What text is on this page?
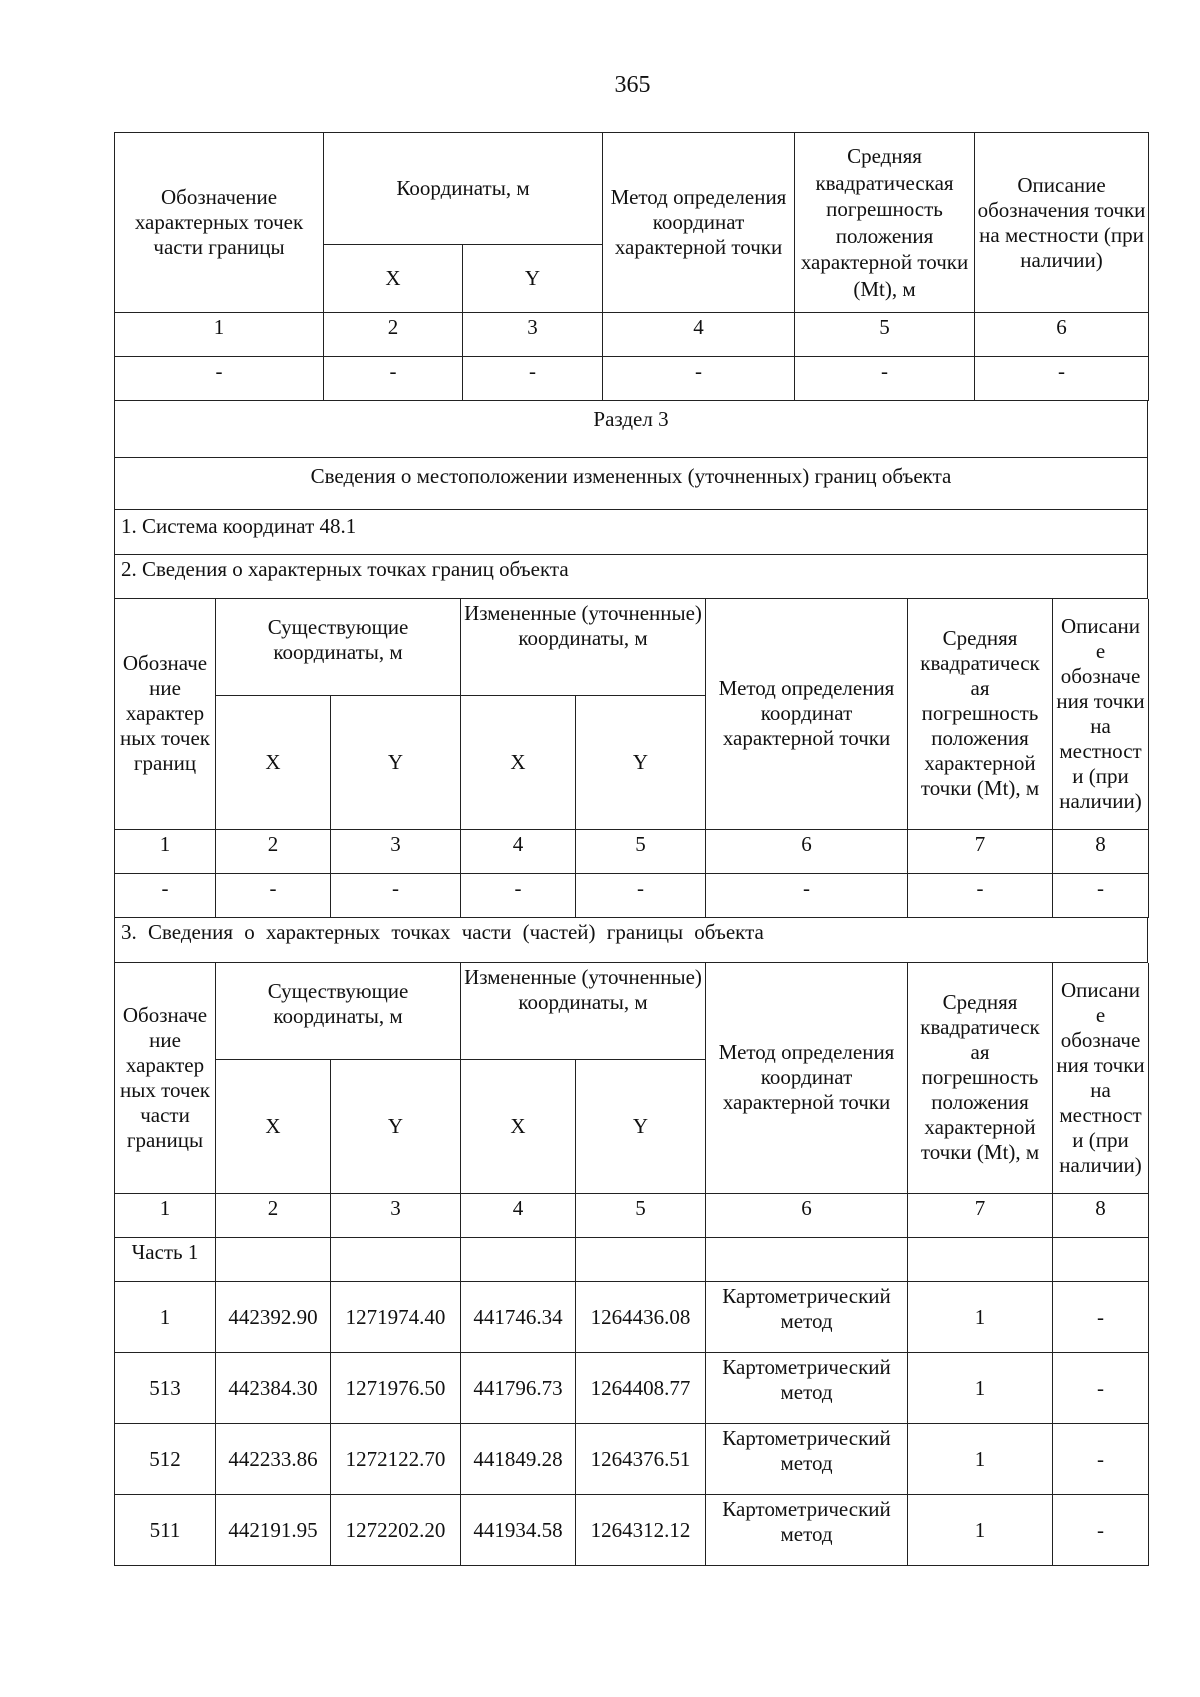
365
Обозначение характерных точек части границы	Координаты, м		Метод определения координат характерной точки	Средняя квадратическая погрешность положения характерной точки (Mt), м	Описание обозначения точки на местности (при наличии)
	X	Y			
1	2	3	4	5	6
-	-	-	-	-	-
Раздел 3
Сведения о местоположении измененных (уточненных) границ объекта
1. Система координат 48.1
2. Сведения о характерных точках границ объекта
Обозначе ние характер ных точек границ	Существующие координаты, м		Измененные (уточненные) координаты, м		Метод определения координат характерной точки	Средняя квадратическ ая погрешность положения характерной точки (Mt), м	Описани е обозначе ния точки на местност и (при наличии)
	X	Y	X	Y			
1	2	3	4	5	6	7	8
-	-	-	-	-	-	-	-
3. Сведения о характерных точках части (частей) границы объекта
Обозначе ние характер ных точек части границы	Существующие координаты, м		Измененные (уточненные) координаты, м		Метод определения координат характерной точки	Средняя квадратическ ая погрешность положения характерной точки (Mt), м	Описани е обозначе ния точки на местност и (при наличии)
	X	Y	X	Y			
1	2	3	4	5	6	7	8
Часть 1							
1	442392.90	1271974.40	441746.34	1264436.08	Картометрический метод	1	-
513	442384.30	1271976.50	441796.73	1264408.77	Картометрический метод	1	-
512	442233.86	1272122.70	441849.28	1264376.51	Картометрический метод	1	-
511	442191.95	1272202.20	441934.58	1264312.12	Картометрический метод	1	-
